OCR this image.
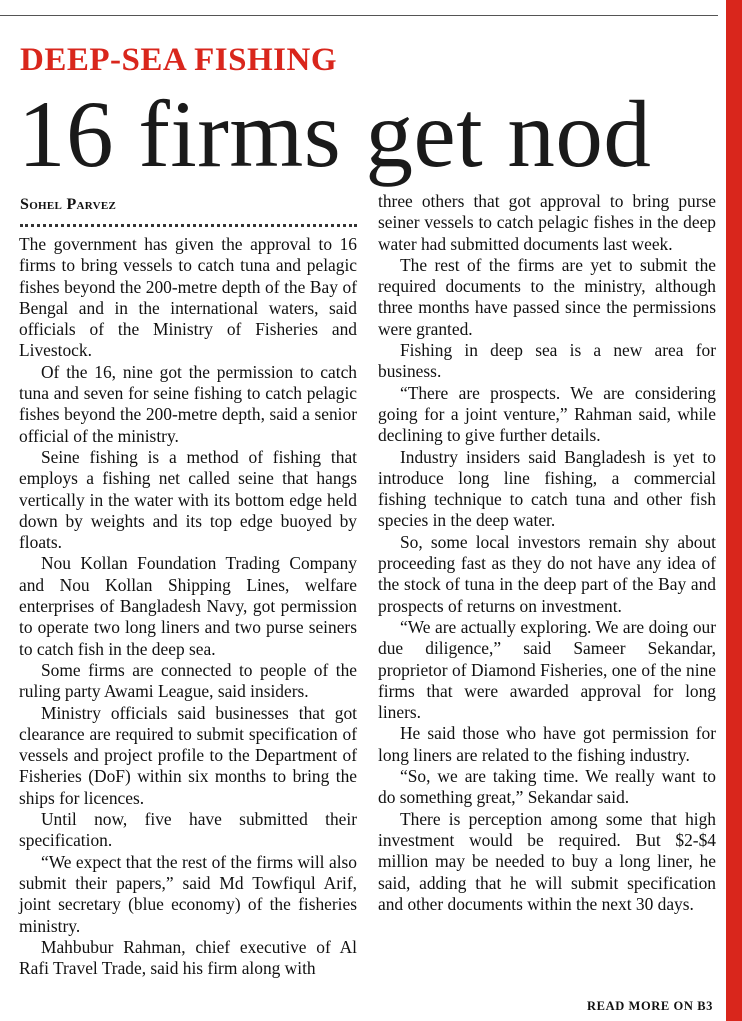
DEEP-SEA FISHING
16 firms get nod
Sohel Parvez

The government has given the approval to 16 firms to bring vessels to catch tuna and pelagic fishes beyond the 200-metre depth of the Bay of Bengal and in the international waters, said officials of the Ministry of Fisheries and Livestock.

Of the 16, nine got the permission to catch tuna and seven for seine fishing to catch pelagic fishes beyond the 200-metre depth, said a senior official of the ministry.

Seine fishing is a method of fishing that employs a fishing net called seine that hangs vertically in the water with its bottom edge held down by weights and its top edge buoyed by floats.

Nou Kollan Foundation Trading Company and Nou Kollan Shipping Lines, welfare enterprises of Bangladesh Navy, got permission to operate two long liners and two purse seiners to catch fish in the deep sea.

Some firms are connected to people of the ruling party Awami League, said insiders.

Ministry officials said businesses that got clearance are required to submit specification of vessels and project profile to the Department of Fisheries (DoF) within six months to bring the ships for licences.

Until now, five have submitted their specification.

“We expect that the rest of the firms will also submit their papers,” said Md Towfiqul Arif, joint secretary (blue economy) of the fisheries ministry.

Mahbubur Rahman, chief executive of Al Rafi Travel Trade, said his firm along with

three others that got approval to bring purse seiner vessels to catch pelagic fishes in the deep water had submitted documents last week.

The rest of the firms are yet to submit the required documents to the ministry, although three months have passed since the permissions were granted.

Fishing in deep sea is a new area for business.

“There are prospects. We are considering going for a joint venture,” Rahman said, while declining to give further details.

Industry insiders said Bangladesh is yet to introduce long line fishing, a commercial fishing technique to catch tuna and other fish species in the deep water.

So, some local investors remain shy about proceeding fast as they do not have any idea of the stock of tuna in the deep part of the Bay and prospects of returns on investment.

“We are actually exploring. We are doing our due diligence,” said Sameer Sekandar, proprietor of Diamond Fisheries, one of the nine firms that were awarded approval for long liners.

He said those who have got permission for long liners are related to the fishing industry.

“So, we are taking time. We really want to do something great,” Sekandar said.

There is perception among some that high investment would be required. But $2-$4 million may be needed to buy a long liner, he said, adding that he will submit specification and other documents within the next 30 days.

READ MORE ON B3
